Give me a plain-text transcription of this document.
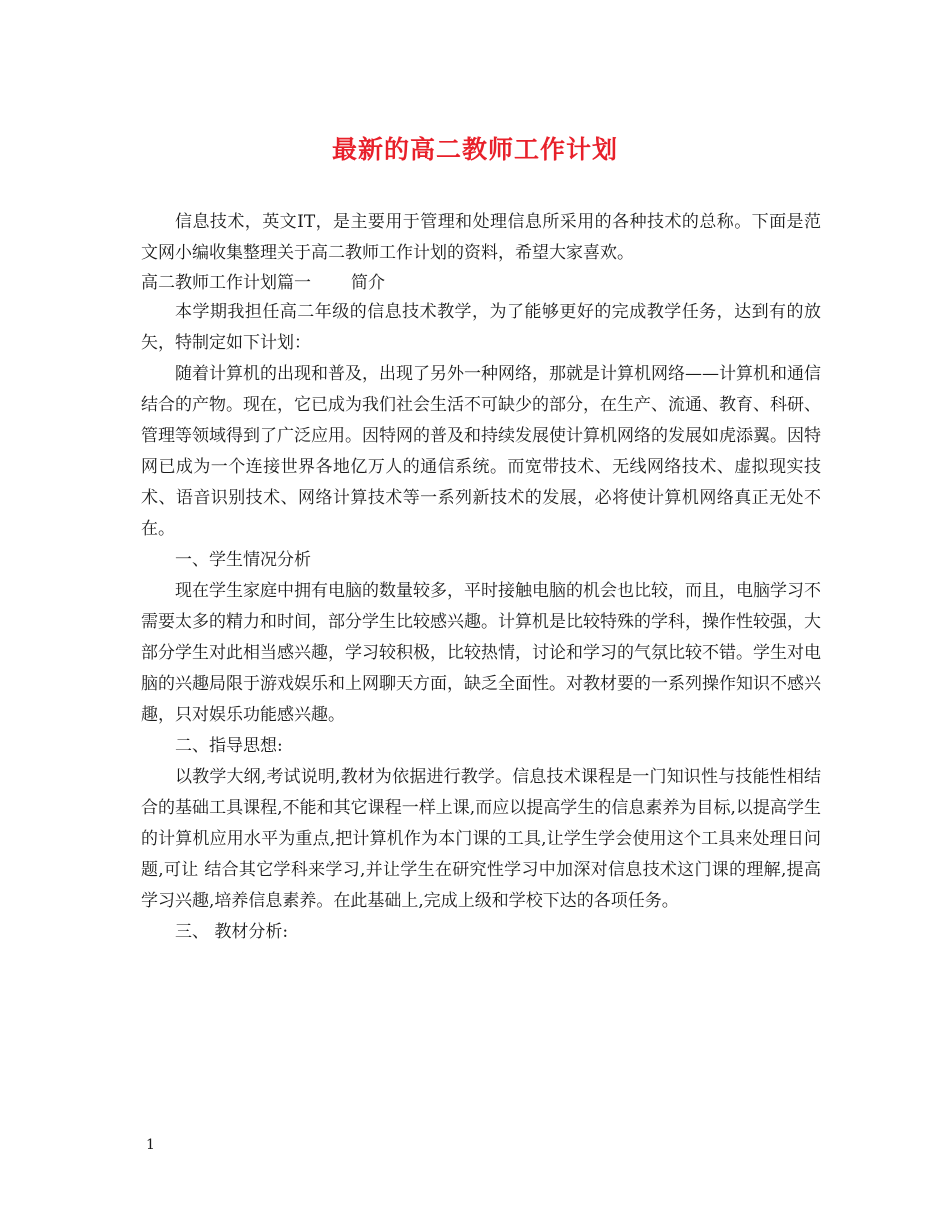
最新的高二教师工作计划

信息技术，英文IT，是主要用于管理和处理信息所采用的各种技术的总称。下面是范文网小编收集整理关于高二教师工作计划的资料，希望大家喜欢。

高二教师工作计划篇一 简介

本学期我担任高二年级的信息技术教学，为了能够更好的完成教学任务，达到有的放矢，特制定如下计划：

随着计算机的出现和普及，出现了另外一种网络，那就是计算机网络——计算机和通信结合的产物。现在，它已成为我们社会生活不可缺少的部分，在生产、流通、教育、科研、管理等领域得到了广泛应用。因特网的普及和持续发展使计算机网络的发展如虎添翼。因特网已成为一个连接世界各地亿万人的通信系统。而宽带技术、无线网络技术、虚拟现实技术、语音识别技术、网络计算技术等一系列新技术的发展，必将使计算机网络真正无处不在。

一、学生情况分析

现在学生家庭中拥有电脑的数量较多，平时接触电脑的机会也比较，而且，电脑学习不需要太多的精力和时间，部分学生比较感兴趣。计算机是比较特殊的学科，操作性较强，大部分学生对此相当感兴趣，学习较积极，比较热情，讨论和学习的气氛比较不错。学生对电脑的兴趣局限于游戏娱乐和上网聊天方面，缺乏全面性。对教材要的一系列操作知识不感兴趣，只对娱乐功能感兴趣。

二、指导思想:

以教学大纲,考试说明,教材为依据进行教学。信息技术课程是一门知识性与技能性相结合的基础工具课程,不能和其它课程一样上课,而应以提高学生的信息素养为目标,以提高学生的计算机应用水平为重点,把计算机作为本门课的工具,让学生学会使用这个工具来处理日问题,可让 结合其它学科来学习,并让学生在研究性学习中加深对信息技术这门课的理解,提高学习兴趣,培养信息素养。在此基础上,完成上级和学校下达的各项任务。

三、 教材分析:

1
